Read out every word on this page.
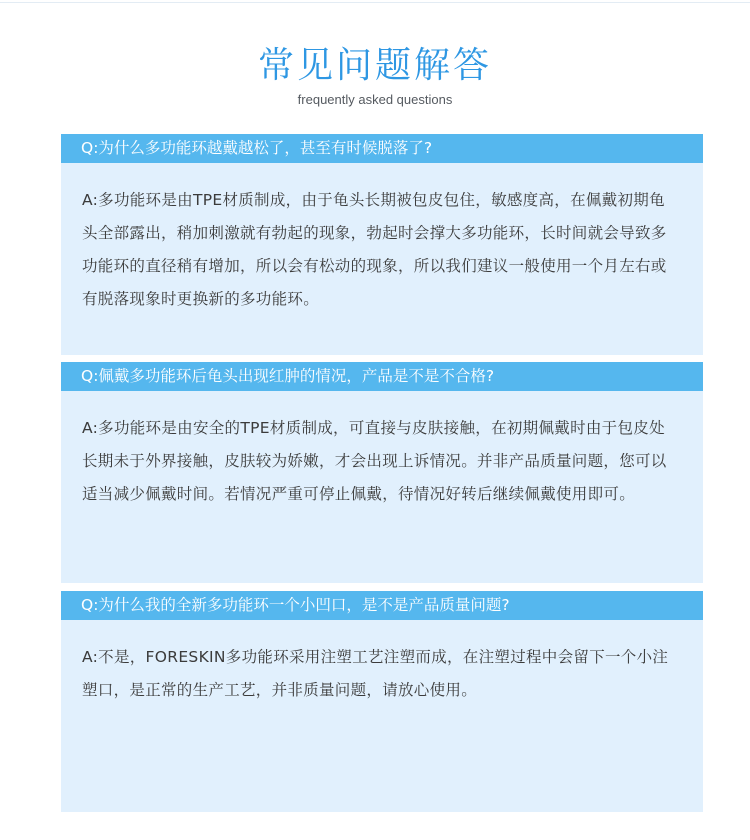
常见问题解答
frequently asked questions
Q:为什么多功能环越戴越松了，甚至有时候脱落了?
A:多功能环是由TPE材质制成，由于龟头长期被包皮包住，敏感度高，在佩戴初期龟头全部露出，稍加刺激就有勃起的现象，勃起时会撑大多功能环，长时间就会导致多功能环的直径稍有增加，所以会有松动的现象，所以我们建议一般使用一个月左右或有脱落现象时更换新的多功能环。
Q:佩戴多功能环后龟头出现红肿的情况，产品是不是不合格?
A:多功能环是由安全的TPE材质制成，可直接与皮肤接触，在初期佩戴时由于包皮处长期未于外界接触，皮肤较为娇嫩，才会出现上诉情况。并非产品质量问题，您可以适当减少佩戴时间。若情况严重可停止佩戴，待情况好转后继续佩戴使用即可。
Q:为什么我的全新多功能环一个小凹口，是不是产品质量问题?
A:不是，FORESKIN多功能环采用注塑工艺注塑而成，在注塑过程中会留下一个小注塑口，是正常的生产工艺，并非质量问题，请放心使用。
